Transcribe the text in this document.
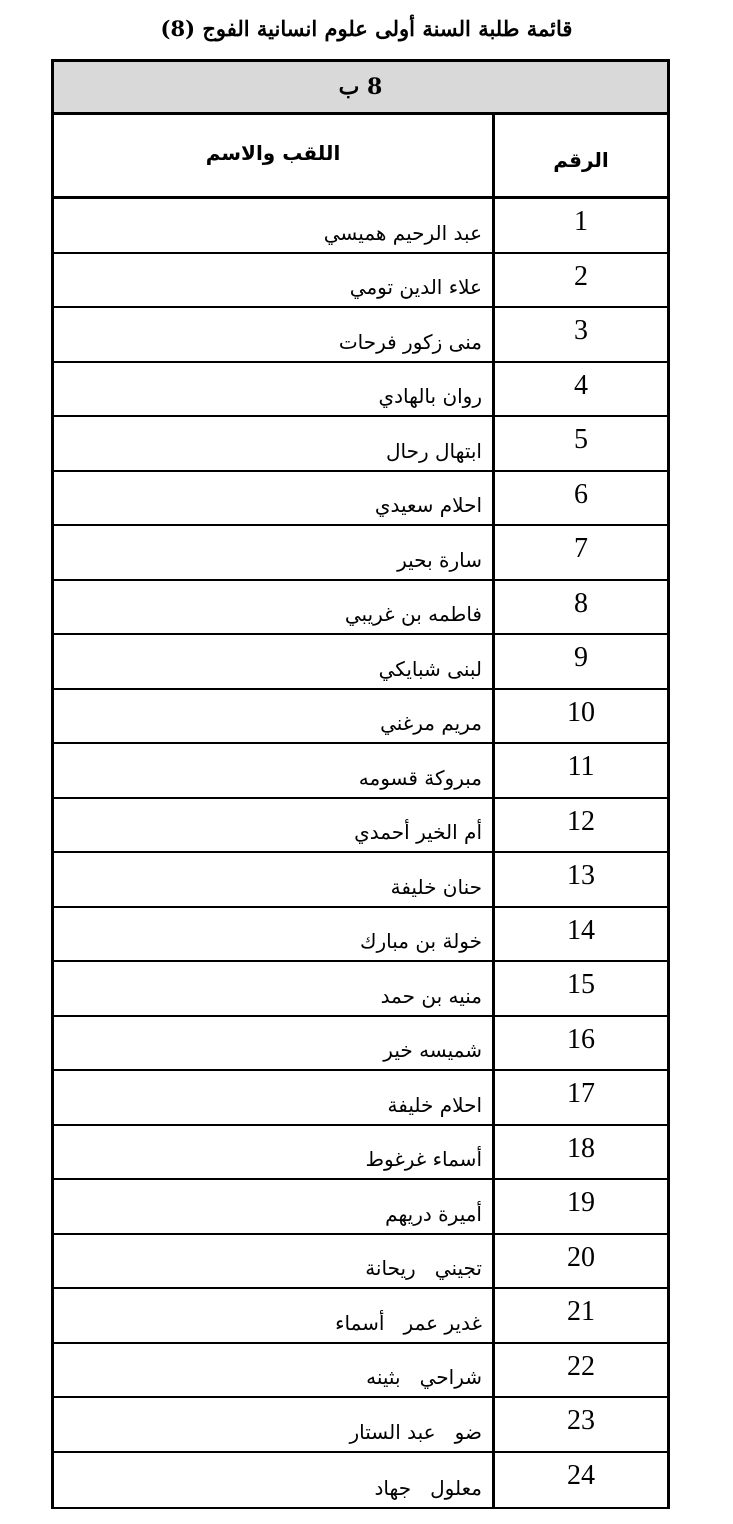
قائمة طلبة السنة أولى علوم انسانية الفوج (8)
8 ب
الرقم
اللقب والاسم
1
عبد الرحيم هميسي
2
علاء الدين تومي
3
منى زكور فرحات
4
روان بالهادي
5
ابتهال رحال
6
احلام سعيدي
7
سارة بحير
8
فاطمه بن غريبي
9
لبنى شبايكي
10
مريم مرغني
11
مبروكة قسومه
12
أم الخير أحمدي
13
حنان خليفة
14
خولة بن مبارك
15
منيه بن حمد
16
شميسه خير
17
احلام خليفة
18
أسماء غرغوط
19
أميرة دريهم
20
تجيني   ريحانة
21
غدير عمر   أسماء
22
شراحي   بثينه
23
ضو   عبد الستار
24
معلول   جهاد
